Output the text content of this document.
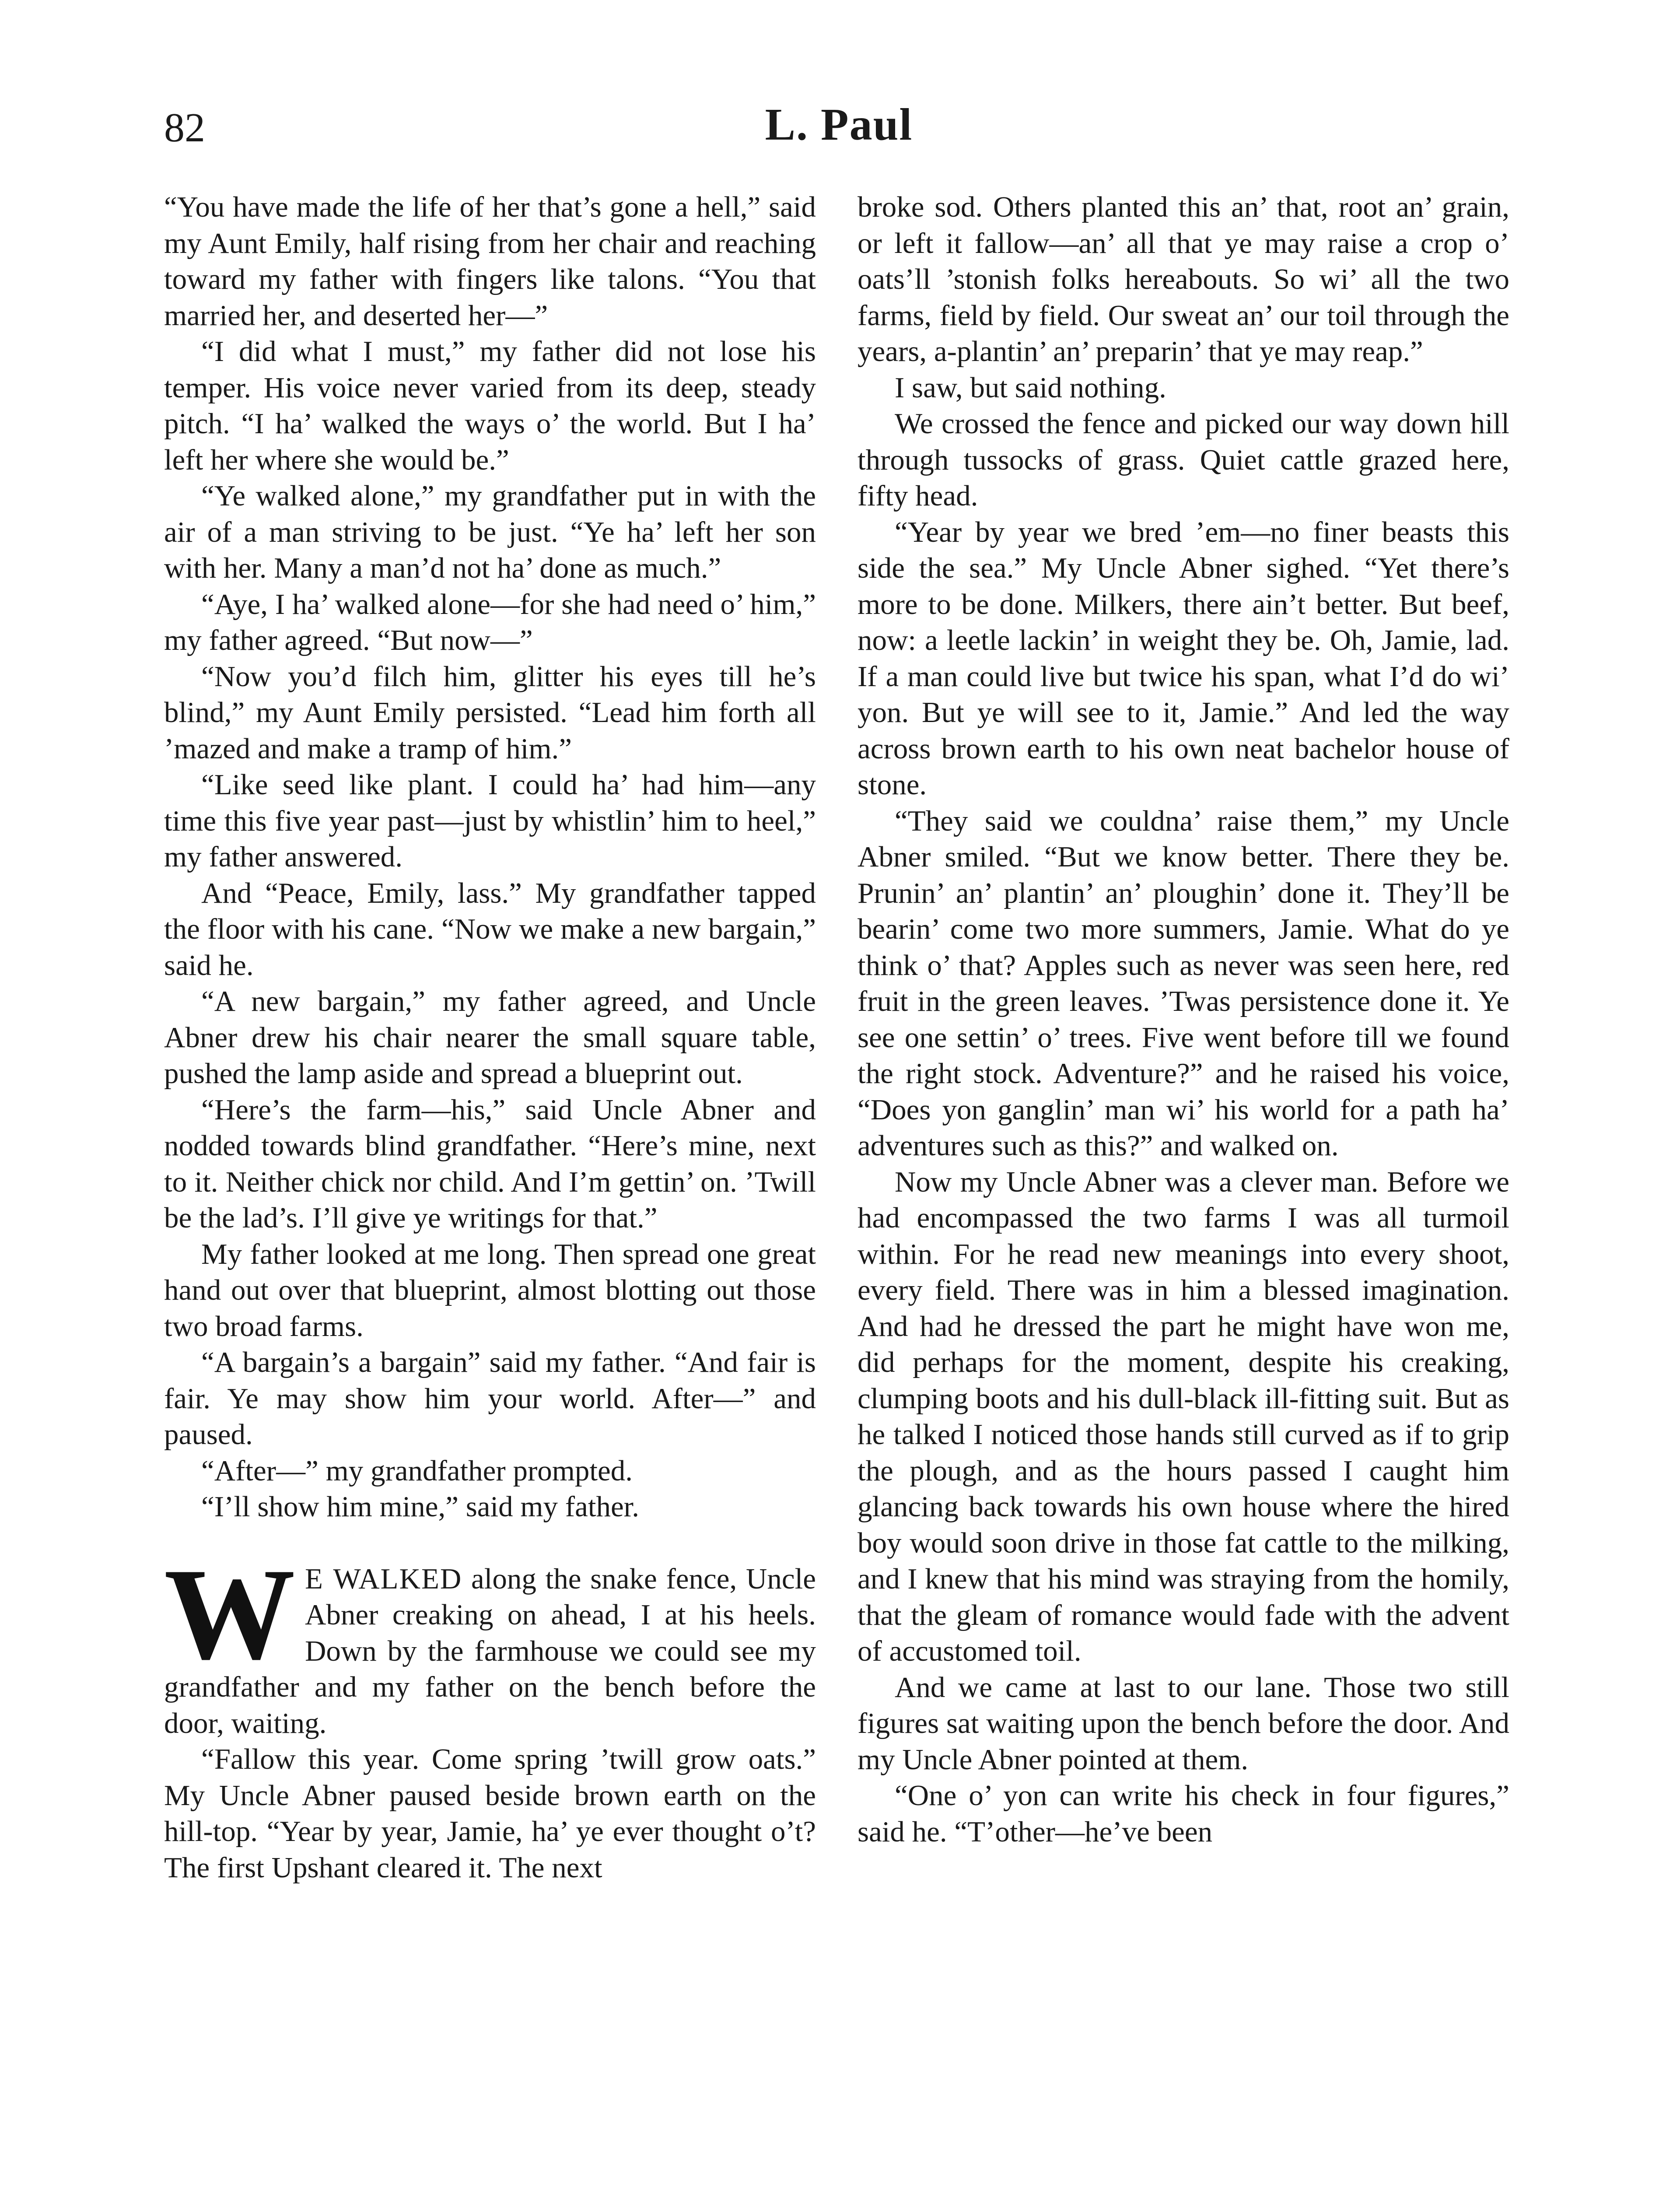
82	L. Paul

“You have made the life of her that’s gone a hell,” said my Aunt Emily, half rising from her chair and reaching toward my father with fingers like talons. “You that married her, and deserted her—”

“I did what I must,” my father did not lose his temper. His voice never varied from its deep, steady pitch. “I ha’ walked the ways o’ the world. But I ha’ left her where she would be.”

“Ye walked alone,” my grandfather put in with the air of a man striving to be just. “Ye ha’ left her son with her. Many a man’d not ha’ done as much.”

“Aye, I ha’ walked alone—for she had need o’ him,” my father agreed. “But now—”

“Now you’d filch him, glitter his eyes till he’s blind,” my Aunt Emily persisted. “Lead him forth all ’mazed and make a tramp of him.”

“Like seed like plant. I could ha’ had him—any time this five year past—just by whistlin’ him to heel,” my father answered.

And “Peace, Emily, lass.” My grandfather tapped the floor with his cane. “Now we make a new bargain,” said he.

“A new bargain,” my father agreed, and Uncle Abner drew his chair nearer the small square table, pushed the lamp aside and spread a blueprint out.

“Here’s the farm—his,” said Uncle Abner and nodded towards blind grandfather. “Here’s mine, next to it. Neither chick nor child. And I’m gettin’ on. ’Twill be the lad’s. I’ll give ye writings for that.”

My father looked at me long. Then spread one great hand out over that blueprint, almost blotting out those two broad farms.

“A bargain’s a bargain” said my father. “And fair is fair. Ye may show him your world. After—” and paused.

“After—” my grandfather prompted.

“I’ll show him mine,” said my father.

WE WALKED along the snake fence, Uncle Abner creaking on ahead, I at his heels. Down by the farmhouse we could see my grandfather and my father on the bench before the door, waiting.

“Fallow this year. Come spring ’twill grow oats.” My Uncle Abner paused beside brown earth on the hill-top. “Year by year, Jamie, ha’ ye ever thought o’t? The first Upshant cleared it. The next

broke sod. Others planted this an’ that, root an’ grain, or left it fallow—an’ all that ye may raise a crop o’ oats’ll ’stonish folks hereabouts. So wi’ all the two farms, field by field. Our sweat an’ our toil through the years, a-plantin’ an’ preparin’ that ye may reap.”

I saw, but said nothing.

We crossed the fence and picked our way down hill through tussocks of grass. Quiet cattle grazed here, fifty head.

“Year by year we bred ’em—no finer beasts this side the sea.” My Uncle Abner sighed. “Yet there’s more to be done. Milkers, there ain’t better. But beef, now: a leetle lackin’ in weight they be. Oh, Jamie, lad. If a man could live but twice his span, what I’d do wi’ yon. But ye will see to it, Jamie.” And led the way across brown earth to his own neat bachelor house of stone.

“They said we couldna’ raise them,” my Uncle Abner smiled. “But we know better. There they be. Prunin’ an’ plantin’ an’ ploughin’ done it. They’ll be bearin’ come two more summers, Jamie. What do ye think o’ that? Apples such as never was seen here, red fruit in the green leaves. ’Twas persistence done it. Ye see one settin’ o’ trees. Five went before till we found the right stock. Adventure?” and he raised his voice, “Does yon ganglin’ man wi’ his world for a path ha’ adventures such as this?” and walked on.

Now my Uncle Abner was a clever man. Before we had encompassed the two farms I was all turmoil within. For he read new meanings into every shoot, every field. There was in him a blessed imagination. And had he dressed the part he might have won me, did perhaps for the moment, despite his creaking, clumping boots and his dull-black ill-fitting suit. But as he talked I noticed those hands still curved as if to grip the plough, and as the hours passed I caught him glancing back towards his own house where the hired boy would soon drive in those fat cattle to the milking, and I knew that his mind was straying from the homily, that the gleam of romance would fade with the advent of accustomed toil.

And we came at last to our lane. Those two still figures sat waiting upon the bench before the door. And my Uncle Abner pointed at them.

“One o’ yon can write his check in four figures,” said he. “T’other—he’ve been
